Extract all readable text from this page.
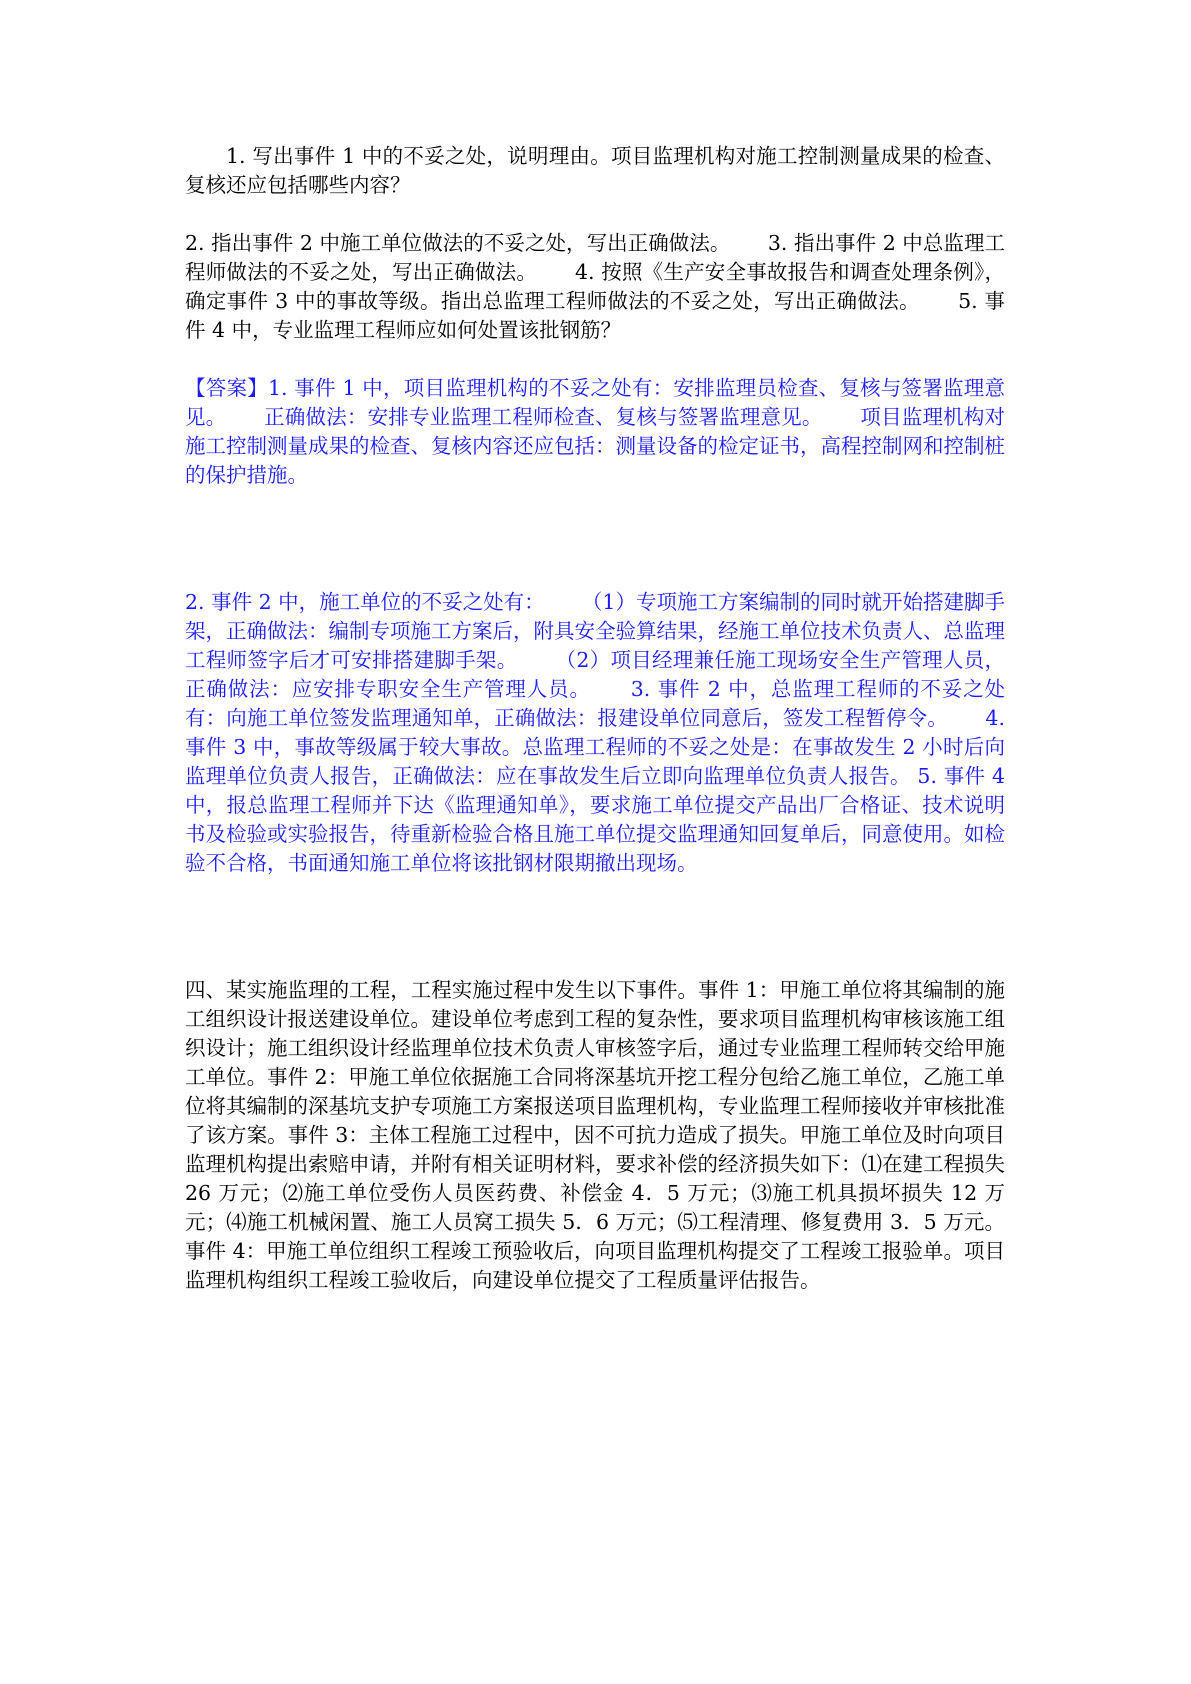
1. 写出事件 1 中的不妥之处，说明理由。项目监理机构对施工控制测量成果的检查、复核还应包括哪些内容？

2. 指出事件 2 中施工单位做法的不妥之处，写出正确做法。　　 3. 指出事件 2 中总监理工程师做法的不妥之处，写出正确做法。　　 4. 按照《生产安全事故报告和调查处理条例》，确定事件 3 中的事故等级。指出总监理工程师做法的不妥之处，写出正确做法。　　 5. 事件 4 中，专业监理工程师应如何处置该批钢筋？

【答案】1. 事件 1 中，项目监理机构的不妥之处有：安排监理员检查、复核与签署监理意见。　　 正确做法：安排专业监理工程师检查、复核与签署监理意见。　　 项目监理机构对施工控制测量成果的检查、复核内容还应包括：测量设备的检定证书，高程控制网和控制桩的保护措施。

2. 事件 2 中，施工单位的不妥之处有：　　 （1）专项施工方案编制的同时就开始搭建脚手架，正确做法：编制专项施工方案后，附具安全验算结果，经施工单位技术负责人、总监理工程师签字后才可安排搭建脚手架。　　 （2）项目经理兼任施工现场安全生产管理人员，正确做法：应安排专职安全生产管理人员。　　 3. 事件 2 中，总监理工程师的不妥之处有：向施工单位签发监理通知单，正确做法：报建设单位同意后，签发工程暂停令。　　 4. 事件 3 中，事故等级属于较大事故。总监理工程师的不妥之处是：在事故发生 2 小时后向监理单位负责人报告，正确做法：应在事故发生后立即向监理单位负责人报告。 5. 事件 4 中，报总监理工程师并下达《监理通知单》，要求施工单位提交产品出厂合格证、技术说明书及检验或实验报告，待重新检验合格且施工单位提交监理通知回复单后，同意使用。如检验不合格，书面通知施工单位将该批钢材限期撤出现场。

四、某实施监理的工程，工程实施过程中发生以下事件。事件 1：甲施工单位将其编制的施工组织设计报送建设单位。建设单位考虑到工程的复杂性，要求项目监理机构审核该施工组织设计；施工组织设计经监理单位技术负责人审核签字后，通过专业监理工程师转交给甲施工单位。事件 2：甲施工单位依据施工合同将深基坑开挖工程分包给乙施工单位，乙施工单位将其编制的深基坑支护专项施工方案报送项目监理机构，专业监理工程师接收并审核批准了该方案。事件 3：主体工程施工过程中，因不可抗力造成了损失。甲施工单位及时向项目监理机构提出索赔申请，并附有相关证明材料，要求补偿的经济损失如下：⑴在建工程损失 26 万元；⑵施工单位受伤人员医药费、补偿金 4．5 万元；⑶施工机具损坏损失 12 万元；⑷施工机械闲置、施工人员窝工损失 5．6 万元；⑸工程清理、修复费用 3．5 万元。事件 4：甲施工单位组织工程竣工预验收后，向项目监理机构提交了工程竣工报验单。项目监理机构组织工程竣工验收后，向建设单位提交了工程质量评估报告。
